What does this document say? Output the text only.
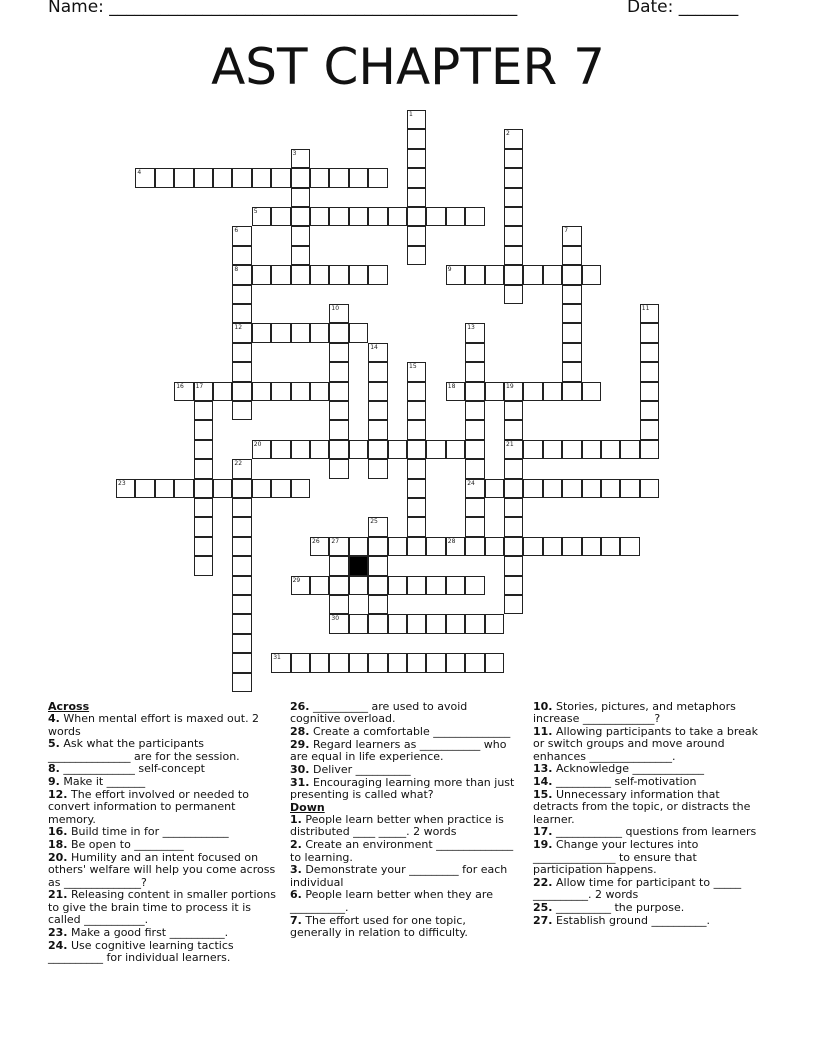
Name: ________________________________________________	Date: _______
AST CHAPTER 7
4
5
8	9
12
16 17	18	19
20	21
23	24
26 27	28
29
30
31
1
2
3
6	7
10	11
13
14
15
22
25
Across
4. When mental effort is maxed out. 2 words
5. Ask what the participants _______________ are for the session.
8. _____________ self-concept
9. Make it _______
12. The effort involved or needed to convert information to permanent memory.
16. Build time in for ____________
18. Be open to _________
20. Humility and an intent focused on others' welfare will help you come across as ______________?
21. Releasing content in smaller portions to give the brain time to process it is called ___________.
23. Make a good first __________.
24. Use cognitive learning tactics __________ for individual learners.
26. __________ are used to avoid cognitive overload.
28. Create a comfortable ______________
29. Regard learners as ___________ who are equal in life experience.
30. Deliver __________
31. Encouraging learning more than just presenting is called what?
Down
1. People learn better when practice is distributed ____ _____. 2 words
2. Create an environment ______________ to learning.
3. Demonstrate your _________ for each individual
6. People learn better when they are __________.
7. The effort used for one topic, generally in relation to difficulty.
10. Stories, pictures, and metaphors increase _____________?
11. Allowing participants to take a break or switch groups and move around enhances _______________.
13. Acknowledge _____________
14. __________ self-motivation
15. Unnecessary information that detracts from the topic, or distracts the learner.
17. ____________ questions from learners
19. Change your lectures into _______________ to ensure that participation happens.
22. Allow time for participant to _____ __________. 2 words
25. __________ the purpose.
27. Establish ground __________.
